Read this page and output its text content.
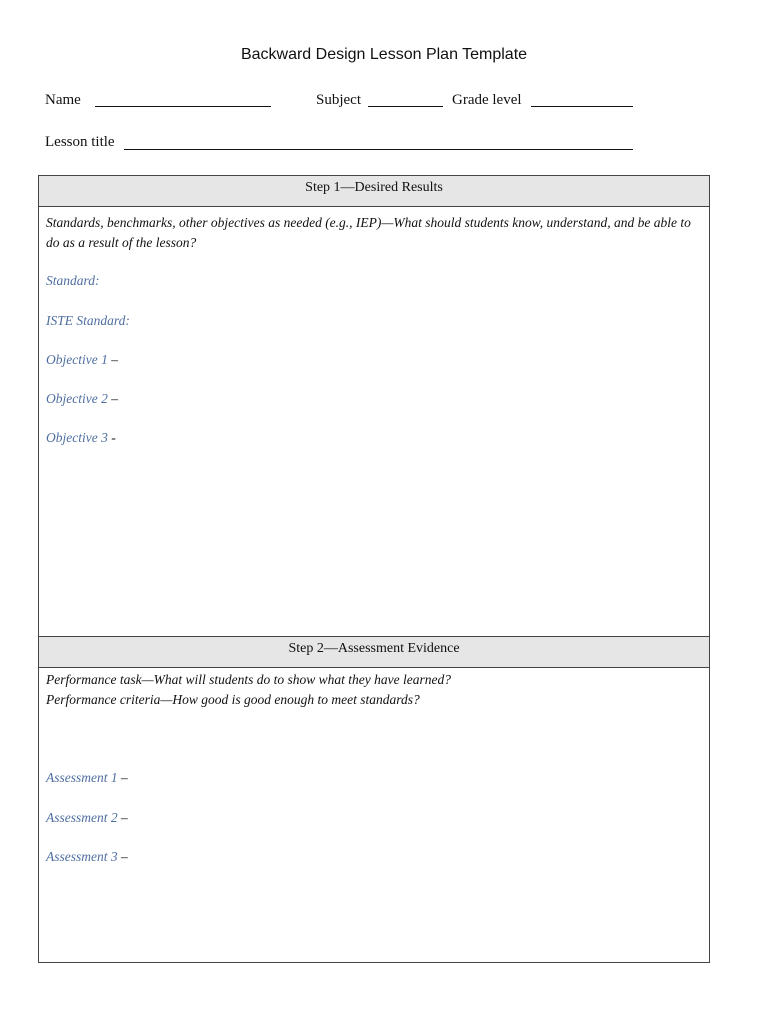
Backward Design Lesson Plan Template
Name	Subject	Grade level
Lesson title
Step 1—Desired Results
Standards, benchmarks, other objectives as needed (e.g., IEP)—What should students know, understand, and be able to
do as a result of the lesson?
Standard:
ISTE Standard:
Objective 1 –
Objective 2 –
Objective 3 -
Step 2—Assessment Evidence
Performance task—What will students do to show what they have learned?
Performance criteria—How good is good enough to meet standards?
Assessment 1 –
Assessment 2 –
Assessment 3 –
